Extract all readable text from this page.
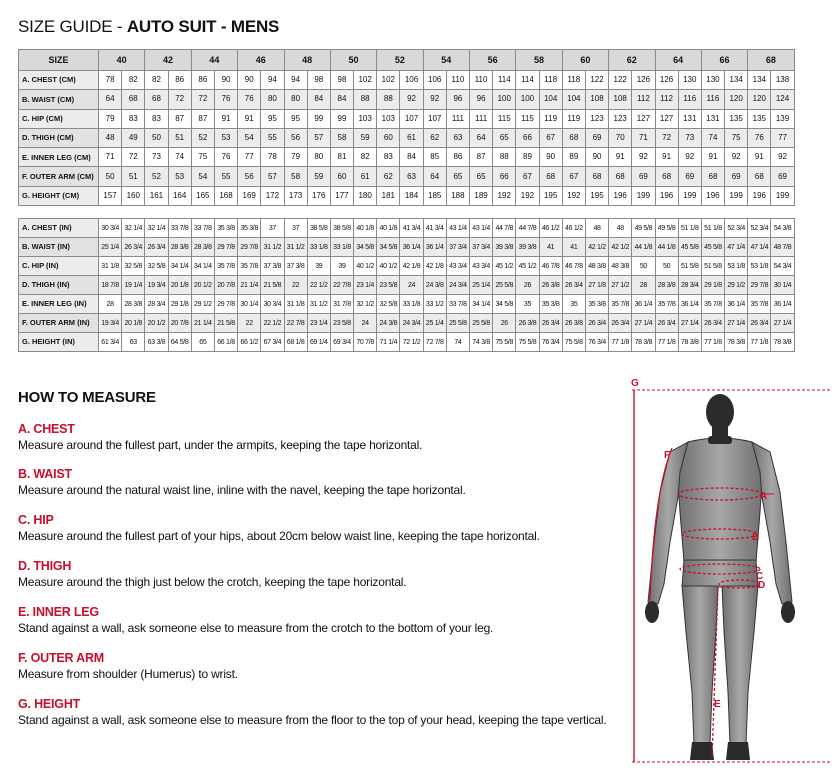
SIZE GUIDE - AUTO SUIT - MENS
SIZE	40		42		44		46		48		50		52		54		56		58		60		62		64		66		68	
A. CHEST (CM)	78	82	82	86	86	90	90	94	94	98	98	102	102	106	106	110	110	114	114	118	118	122	122	126	126	130	130	134	134	138
B. WAIST (CM)	64	68	68	72	72	76	76	80	80	84	84	88	88	92	92	96	96	100	100	104	104	108	108	112	112	116	116	120	120	124
C. HIP (CM)	79	83	83	87	87	91	91	95	95	99	99	103	103	107	107	111	111	115	115	119	119	123	123	127	127	131	131	135	135	139
D. THIGH (CM)	48	49	50	51	52	53	54	55	56	57	58	59	60	61	62	63	64	65	66	67	68	69	70	71	72	73	74	75	76	77
E. INNER LEG (CM)	71	72	73	74	75	76	77	78	79	80	81	82	83	84	85	86	87	88	89	90	89	90	91	92	91	92	91	92	91	92
F. OUTER ARM (CM)	50	51	52	53	54	55	56	57	58	59	60	61	62	63	64	65	65	66	67	68	67	68	68	69	68	69	68	69	68	69
G. HEIGHT (CM)	157	160	161	164	165	168	169	172	173	176	177	180	181	184	185	188	189	192	192	195	192	195	196	199	196	199	196	199	196	199
A. CHEST (IN)	30 3/4	32 1/4	32 1/4	33 7/8	33 7/8	35 3/8	35 3/8	37	37	38 5/8	38 5/8	40 1/8	40 1/8	41 3/4	41 3/4	43 1/4	43 1/4	44 7/8	44 7/8	46 1/2	46 1/2	48	48	49 5/8	49 5/8	51 1/8	51 1/8	52 3/4	52 3/4	54 3/8
B. WAIST (IN)	25 1/4	26 3/4	26 3/4	28 3/8	28 3/8	29 7/8	29 7/8	31 1/2	31 1/2	33 1/8	33 1/8	34 5/8	34 5/8	36 1/4	36 1/4	37 3/4	37 3/4	39 3/8	39 3/8	41	41	42 1/2	42 1/2	44 1/8	44 1/8	45 5/8	45 5/8	47 1/4	47 1/4	48 7/8
C. HIP (IN)	31 1/8	32 5/8	32 5/8	34 1/4	34 1/4	35 7/8	35 7/8	37 3/8	37 3/8	39	39	40 1/2	40 1/2	42 1/8	42 1/8	43 3/4	43 3/4	45 1/2	45 1/2	46 7/8	46 7/8	48 3/8	48 3/8	50	50	51 5/8	51 5/8	53 1/8	53 1/8	54 3/4
D. THIGH (IN)	18 7/8	19 1/4	19 3/4	20 1/8	20 1/2	20 7/8	21 1/4	21 5/8	22	22 1/2	22 7/8	23 1/4	23 5/8	24	24 3/8	24 3/4	25 1/4	25 5/8	26	26 3/8	26 3/4	27 1/8	27 1/2	28	28 3/8	28 3/4	29 1/8	29 1/2	29 7/8	30 1/4
E. INNER LEG (IN)	28	28 3/8	28 3/4	29 1/8	29 1/2	29 7/8	30 1/4	30 3/4	31 1/8	31 1/2	31 7/8	32 1/2	32 5/8	33 1/8	33 1/2	33 7/8	34 1/4	34 5/8	35	35 3/8	35	35 3/8	35 7/8	36 1/4	35 7/8	36 1/4	35 7/8	36 1/4	35 7/8	36 1/4
F. OUTER ARM (IN)	19 3/4	20 1/8	20 1/2	20 7/8	21 1/4	21 5/8	22	22 1/2	22 7/8	23 1/4	23 5/8	24	24 3/8	24 3/4	25 1/4	25 5/8	25 5/8	26	26 3/8	26 3/4	26 3/8	26 3/4	26 3/4	27 1/4	26 3/4	27 1/4	26 3/4	27 1/4	26 3/4	27 1/4
G. HEIGHT (IN)	61 3/4	63	63 3/8	64 5/8	65	66 1/8	66 1/2	67 3/4	68 1/8	69 1/4	69 3/4	70 7/8	71 1/4	72 1/2	72 7/8	74	74 3/8	75 5/8	75 5/8	76 3/4	75 5/8	76 3/4	77 1/8	78 3/8	77 1/8	78 3/8	77 1/8	78 3/8	77 1/8	78 3/8
HOW TO MEASURE
A. CHEST

Measure around the fullest part, under the armpits, keeping the tape horizontal.

B. WAIST

Measure around the natural waist line, inline with the navel, keeping the tape horizontal.

C. HIP

Measure around the fullest part of your hips, about 20cm below waist line, keeping the tape horizontal.

D. THIGH

Measure around the thigh just below the crotch, keeping the tape horizontal.

E. INNER LEG

Stand against a wall, ask someone else to measure from the crotch to the bottom of your leg.

F. OUTER ARM

Measure from shoulder (Humerus) to wrist.

G. HEIGHT

Stand against a wall, ask someone else to measure from the floor to the top of your head, keeping the tape vertical.

G
A
B
C
D
E
F
